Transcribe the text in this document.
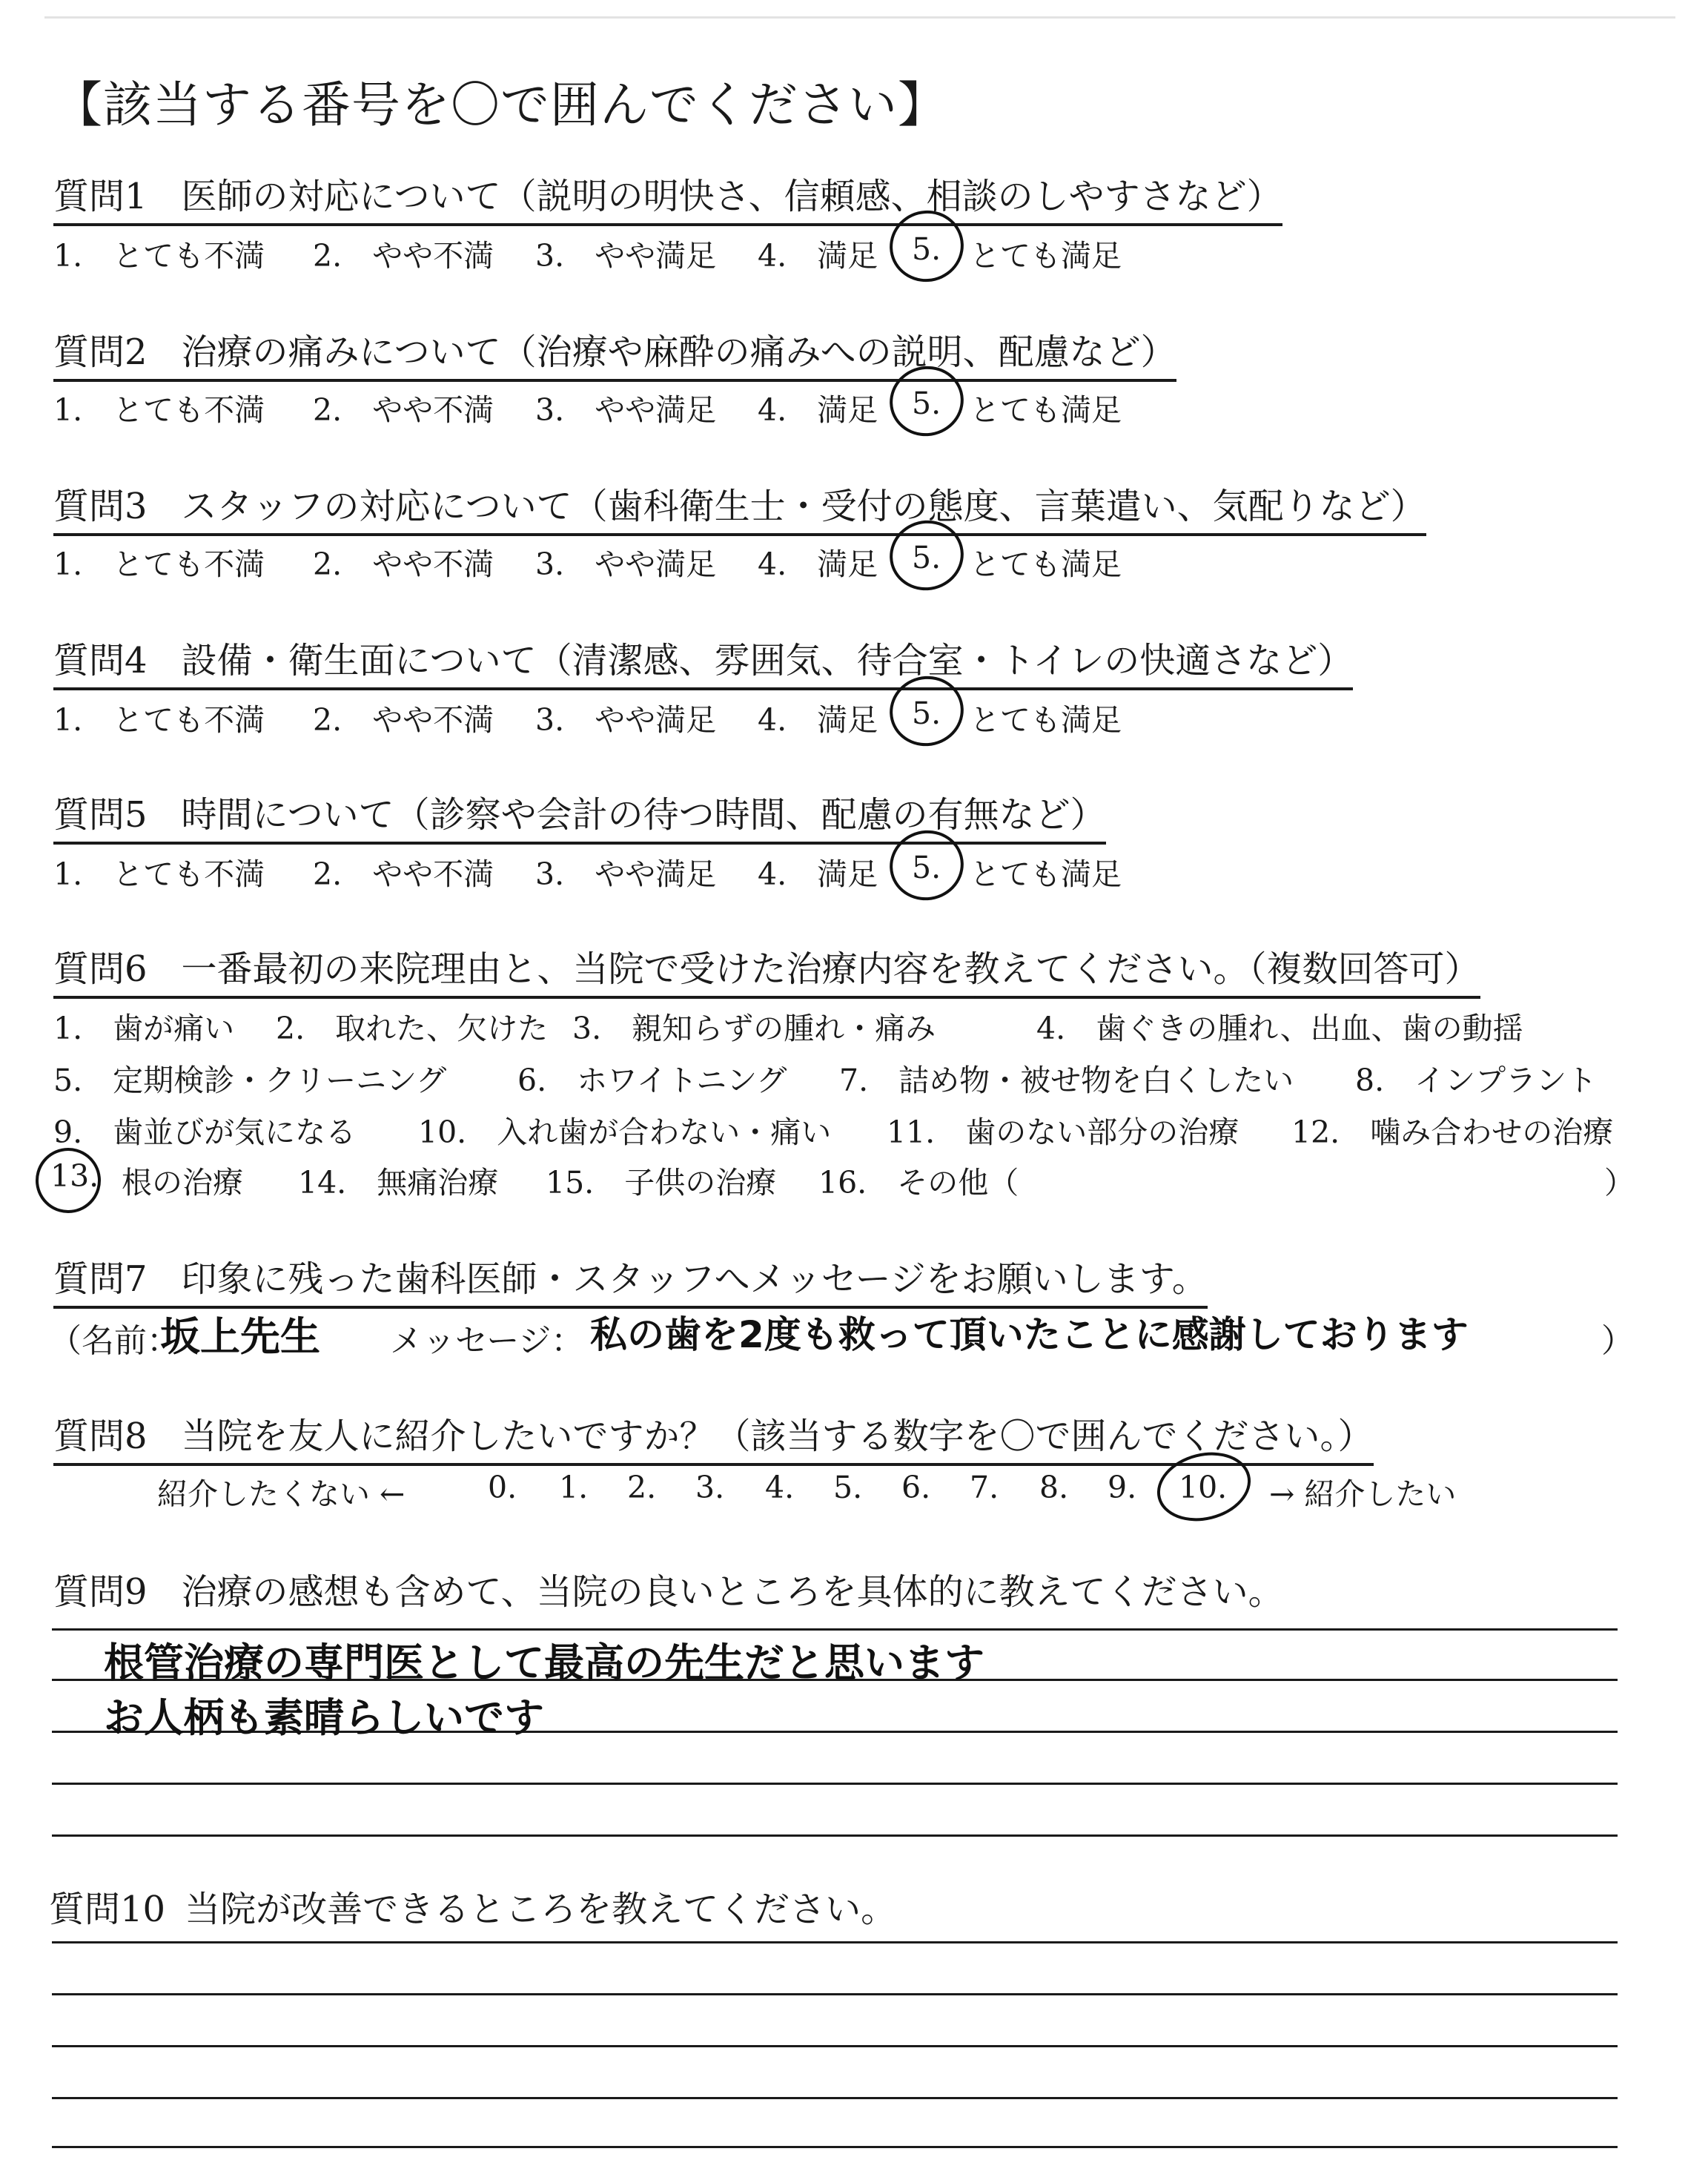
【該当する番号を〇で囲んでください】
質問1 医師の対応について（説明の明快さ、信頼感、相談のしやすさなど）
1.　とても不満 2.　やや不満 3.　やや満足 4.　満足 5. とても満足
質問2 治療の痛みについて（治療や麻酔の痛みへの説明、配慮など）
1.　とても不満 2.　やや不満 3.　やや満足 4.　満足 5. とても満足
質問3 スタッフの対応について（歯科衛生士・受付の態度、言葉遣い、気配りなど）
1.　とても不満 2.　やや不満 3.　やや満足 4.　満足 5. とても満足
質問4 設備・衛生面について（清潔感、雰囲気、待合室・トイレの快適さなど）
1.　とても不満 2.　やや不満 3.　やや満足 4.　満足 5. とても満足
質問5 時間について（診察や会計の待つ時間、配慮の有無など）
1.　とても不満 2.　やや不満 3.　やや満足 4.　満足 5. とても満足
質問6 一番最初の来院理由と、当院で受けた治療内容を教えてください。（複数回答可）
1.　歯が痛い 2.　取れた、欠けた 3.　親知らずの腫れ・痛み	4.　歯ぐきの腫れ、出血、歯の動揺
5.　定期検診・クリーニング 6.　ホワイトニング 7.　詰め物・被せ物を白くしたい 8.　インプラント
9.　歯並びが気になる 10.　入れ歯が合わない・痛い 11.　歯のない部分の治療 12.　噛み合わせの治療
13. 根の治療 14.　無痛治療 15.　子供の治療 16.　その他（	）
質問7 印象に残った歯科医師・スタッフへメッセージをお願いします。
（名前：
坂上先生 メッセージ： 私の歯を2度も救って頂いたことに感謝しております	）
質問8 当院を友人に紹介したいですか？（該当する数字を〇で囲んでください。）
紹介したくない ←	0. 1. 2. 3. 4. 5. 6. 7. 8. 9. 10. → 紹介したい
質問9 治療の感想も含めて、当院の良いところを具体的に教えてください。
根管治療の専門医として最高の先生だと思います
お人柄も素晴らしいです
質問10 当院が改善できるところを教えてください。
